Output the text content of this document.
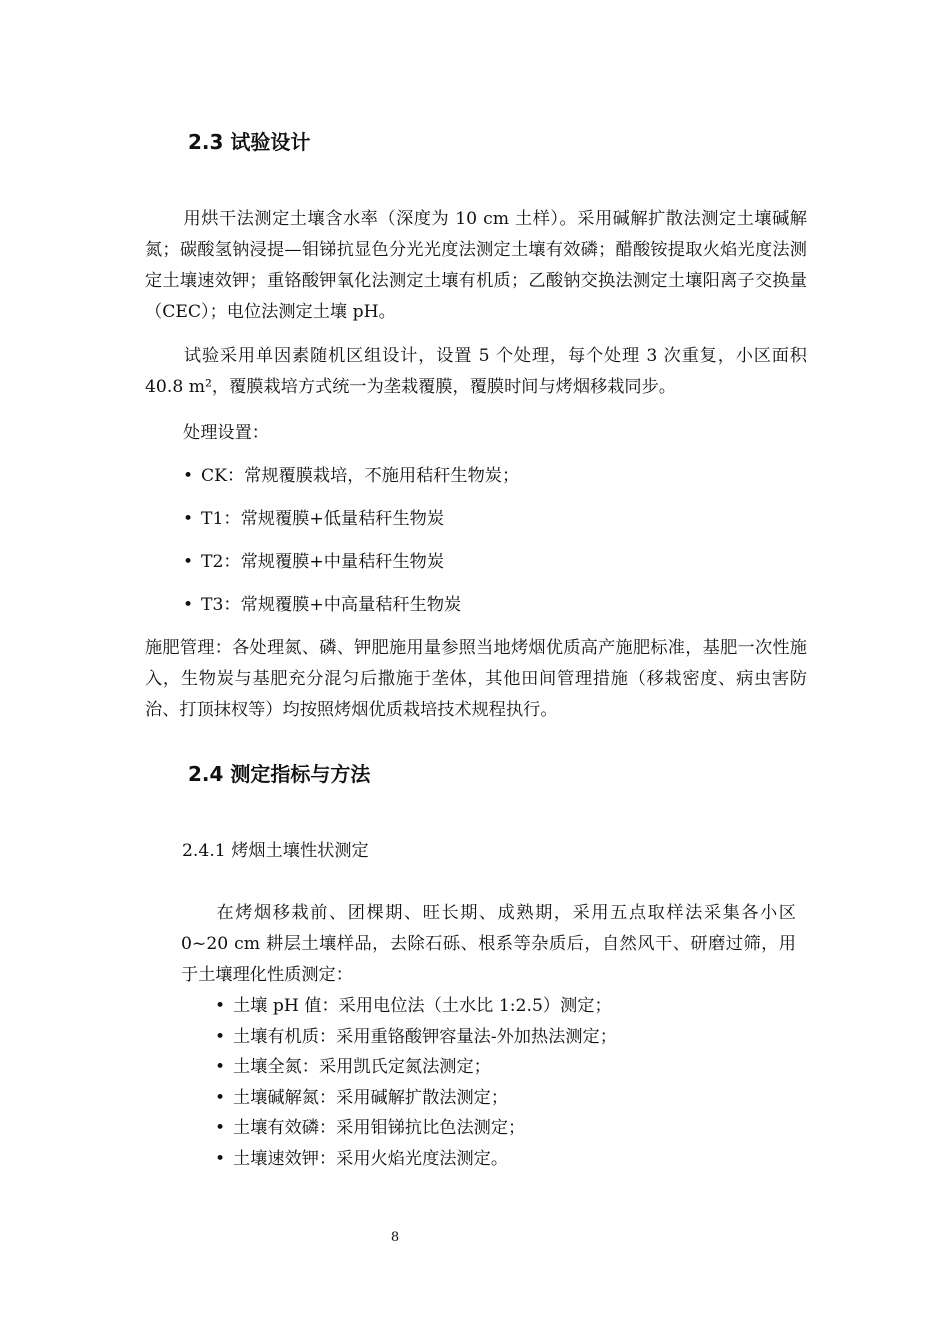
2.3 试验设计

用烘干法测定土壤含水率（深度为 10 cm 土样）。采用碱解扩散法测定土壤碱解氮；碳酸氢钠浸提—钼锑抗显色分光光度法测定土壤有效磷；醋酸铵提取火焰光度法测定土壤速效钾；重铬酸钾氧化法测定土壤有机质；乙酸钠交换法测定土壤阳离子交换量（CEC）；电位法测定土壤 pH。

试验采用单因素随机区组设计，设置 5 个处理，每个处理 3 次重复，小区面积 40.8 m²，覆膜栽培方式统一为垄栽覆膜，覆膜时间与烤烟移栽同步。

处理设置：

• CK：常规覆膜栽培，不施用秸秆生物炭；

• T1：常规覆膜+低量秸秆生物炭

• T2：常规覆膜+中量秸秆生物炭

• T3：常规覆膜+中高量秸秆生物炭

施肥管理：各处理氮、磷、钾肥施用量参照当地烤烟优质高产施肥标准，基肥一次性施入，生物炭与基肥充分混匀后撒施于垄体，其他田间管理措施（移栽密度、病虫害防治、打顶抹杈等）均按照烤烟优质栽培技术规程执行。

2.4 测定指标与方法

2.4.1 烤烟土壤性状测定

在烤烟移栽前、团棵期、旺长期、成熟期，采用五点取样法采集各小区 0~20 cm 耕层土壤样品，去除石砾、根系等杂质后，自然风干、研磨过筛，用于土壤理化性质测定：

• 土壤 pH 值：采用电位法（土水比 1:2.5）测定；
• 土壤有机质：采用重铬酸钾容量法-外加热法测定；
• 土壤全氮：采用凯氏定氮法测定；
• 土壤碱解氮：采用碱解扩散法测定；
• 土壤有效磷：采用钼锑抗比色法测定；
• 土壤速效钾：采用火焰光度法测定。
8
